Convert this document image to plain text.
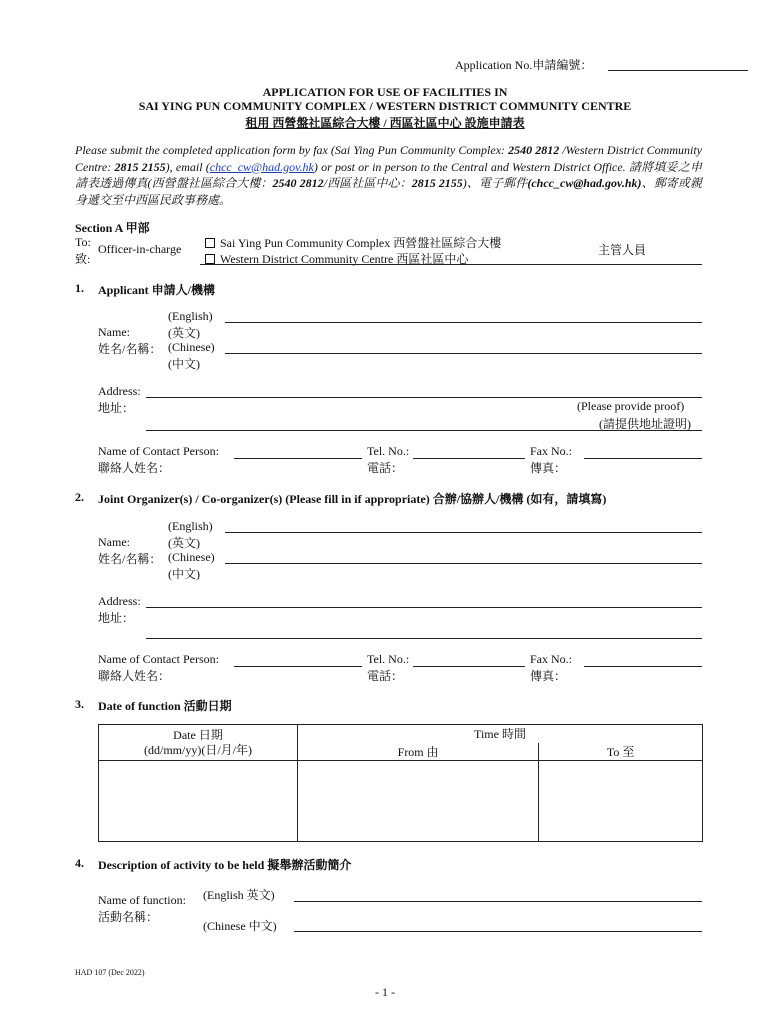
Application No.申請編號：
APPLICATION FOR USE OF FACILITIES IN
SAI YING PUN COMMUNITY COMPLEX / WESTERN DISTRICT COMMUNITY CENTRE
租用 西營盤社區綜合大樓 / 西區社區中心 設施申請表
Please submit the completed application form by fax (Sai Ying Pun Community Complex: 2540 2812 /Western District Community Centre: 2815 2155), email (chcc_cw@had.gov.hk) or post or in person to the Central and Western District Office. 請將填妥之申請表透過傳真(西營盤社區綜合大樓：2540 2812/西區社區中心：2815 2155)、電子郵件(chcc_cw@had.gov.hk)、郵寄或親身遞交至中西區民政事務處。
Section A 甲部
To:
致:
Officer-in-charge	Sai Ying Pun Community Complex 西營盤社區綜合大樓
Western District Community Centre 西區社區中心
主管人員
1. Applicant 申請人/機構
(English)
(英文)
Name:
姓名/名稱： (Chinese)
(中文)
Address:
地址：	(Please provide proof)
(請提供地址證明)
Name of Contact Person:
聯絡人姓名：
Tel. No.:
電話：
Fax No.:
傳真：
2. Joint Organizer(s) / Co-organizer(s) (Please fill in if appropriate) 合辦/協辦人/機構 (如有，請填寫)
(English)
(英文)
Name:
姓名/名稱： (Chinese)
(中文)
Address:
地址：
Name of Contact Person:
聯絡人姓名：
Tel. No.:
電話：
Fax No.:
傳真：
3. Date of function 活動日期
Date 日期
(dd/mm/yy)(日/月/年)	Time 時間	
	From 由	To 至

4. Description of activity to be held 擬舉辦活動簡介
Name of function:
活動名稱：
(English 英文)
(Chinese 中文)
HAD 107 (Dec 2022)
- 1 -
